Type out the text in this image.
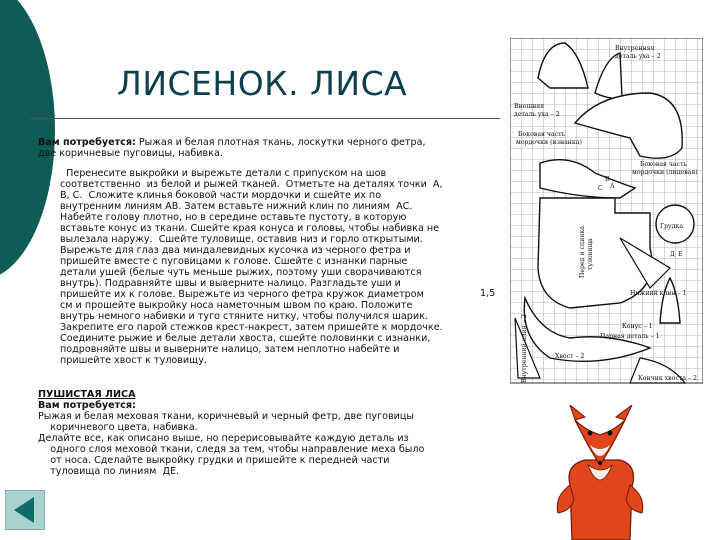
ЛИСЕНОК. ЛИСА
Вам потребуется: Рыжая и белая плотная ткань, лоскутки черного фетра,
две коричневые пуговицы, набивка.
Перенесите выкройки и вырежьте детали с припуском на шов
соответственно  из белой и рыжей тканей.  Отметьте на деталях точки  А,
В, С.  Сложите клинья боковой части мордочки и сшейте их по
внутренним линиям АВ. Затем вставьте нижний клин по линиям  АС.
Набейте голову плотно, но в середине оставьте пустоту, в которую
вставьте конус из ткани. Сшейте края конуса и головы, чтобы набивка не
вылезала наружу.  Сшейте туловище, оставив низ и горло открытыми.
Вырежьте для глаз два миндалевидных кусочка из черного фетра и
пришейте вместе с пуговицами к голове. Сшейте с изнанки парные
детали ушей (белые чуть меньше рыжих, поэтому уши сворачиваются
внутрь). Подравняйте швы и выверните налицо. Разгладьте уши и
пришейте их к голове. Вырежьте из черного фетра кружок диаметром
см и прошейте выкройку носа наметочным швом по краю. Положите
внутрь немного набивки и туго стяните нитку, чтобы получился шарик.
Закрепите его парой стежков крест-накрест, затем пришейте к мордочке.
Соедините рыжие и белые детали хвоста, сшейте половинки с изнанки,
подровняйте швы и выверните налицо, затем неплотно набейте и
пришейте хвост к туловищу.
1,5
ПУШИСТАЯ ЛИСА
Вам потребуется:
Рыжая и белая меховая ткани, коричневый и черный фетр, две пуговицы
коричневого цвета, набивка.
Делайте все, как описано выше, но перерисовывайте каждую деталь из
одного слоя меховой ткани, следя за тем, чтобы направление меха было
от носа. Сделайте выкройку грудки и пришейте к передней части
туловища по линиям  ДЕ.
Внутренняя
деталь уха – 2
Внешняя
деталь уха – 2
Боковая часть
мордочки (изнанка)
Боковая часть
мордочки (лицевая)
Грудка
Конус – 1
Нижний клин – 1
Парная деталь – 1
Хвост – 2
Кончик хвоста – 2
Перед и спинка туловища
Внутренний клин – 2
А
В
С
Д Е
